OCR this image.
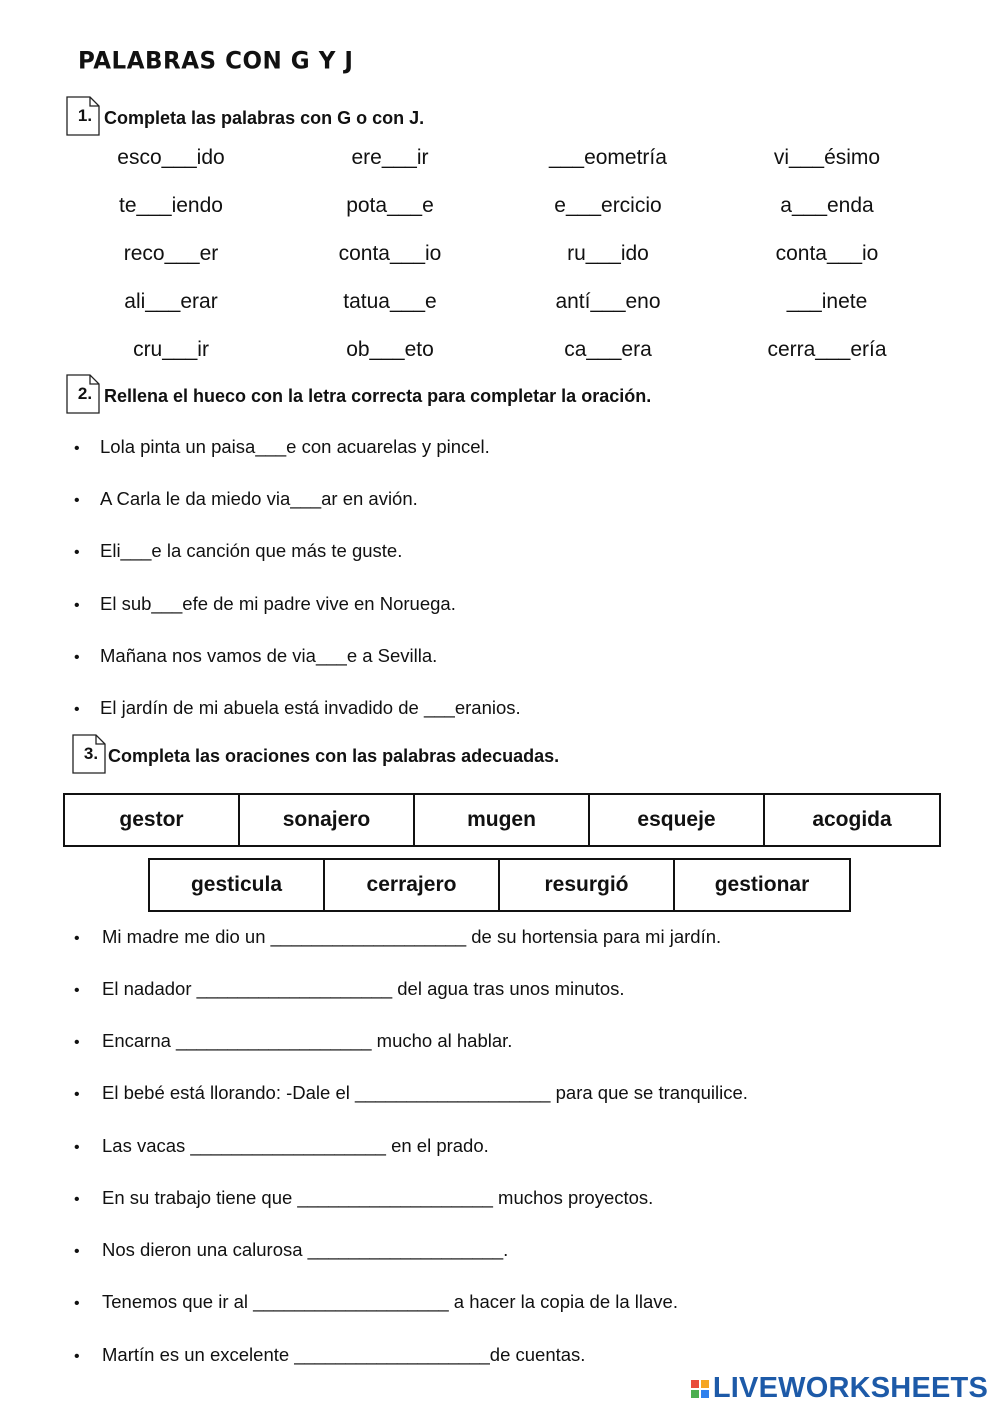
PALABRAS CON G Y J
1. Completa las palabras con G o con J.
esco___ido	ere___ir	___eometría	vi___ésimo
te___iendo	pota___e	e___ercicio	a___enda
reco___er	conta___io	ru___ido	conta___io
ali___erar	tatua___e	antí___eno	___inete
cru___ir	ob___eto	ca___era	cerra___ería
2. Rellena el hueco con la letra correcta para completar la oración.
• Lola pinta un paisa___e con acuarelas y pincel.
• A Carla le da miedo via___ar en avión.
• Eli___e la canción que más te guste.
• El sub___efe de mi padre vive en Noruega.
• Mañana nos vamos de via___e a Sevilla.
• El jardín de mi abuela está invadido de ___eranios.
3. Completa las oraciones con las palabras adecuadas.
gestor	sonajero	mugen	esqueje	acogida
gesticula	cerrajero	resurgió	gestionar
• Mi madre me dio un ___________________ de su hortensia para mi jardín.
• El nadador ___________________ del agua tras unos minutos.
• Encarna ___________________ mucho al hablar.
• El bebé está llorando: -Dale el ___________________ para que se tranquilice.
• Las vacas ___________________ en el prado.
• En su trabajo tiene que ___________________ muchos proyectos.
• Nos dieron una calurosa ___________________.
• Tenemos que ir al ___________________ a hacer la copia de la llave.
• Martín es un excelente ___________________de cuentas.
LIVEWORKSHEETS
